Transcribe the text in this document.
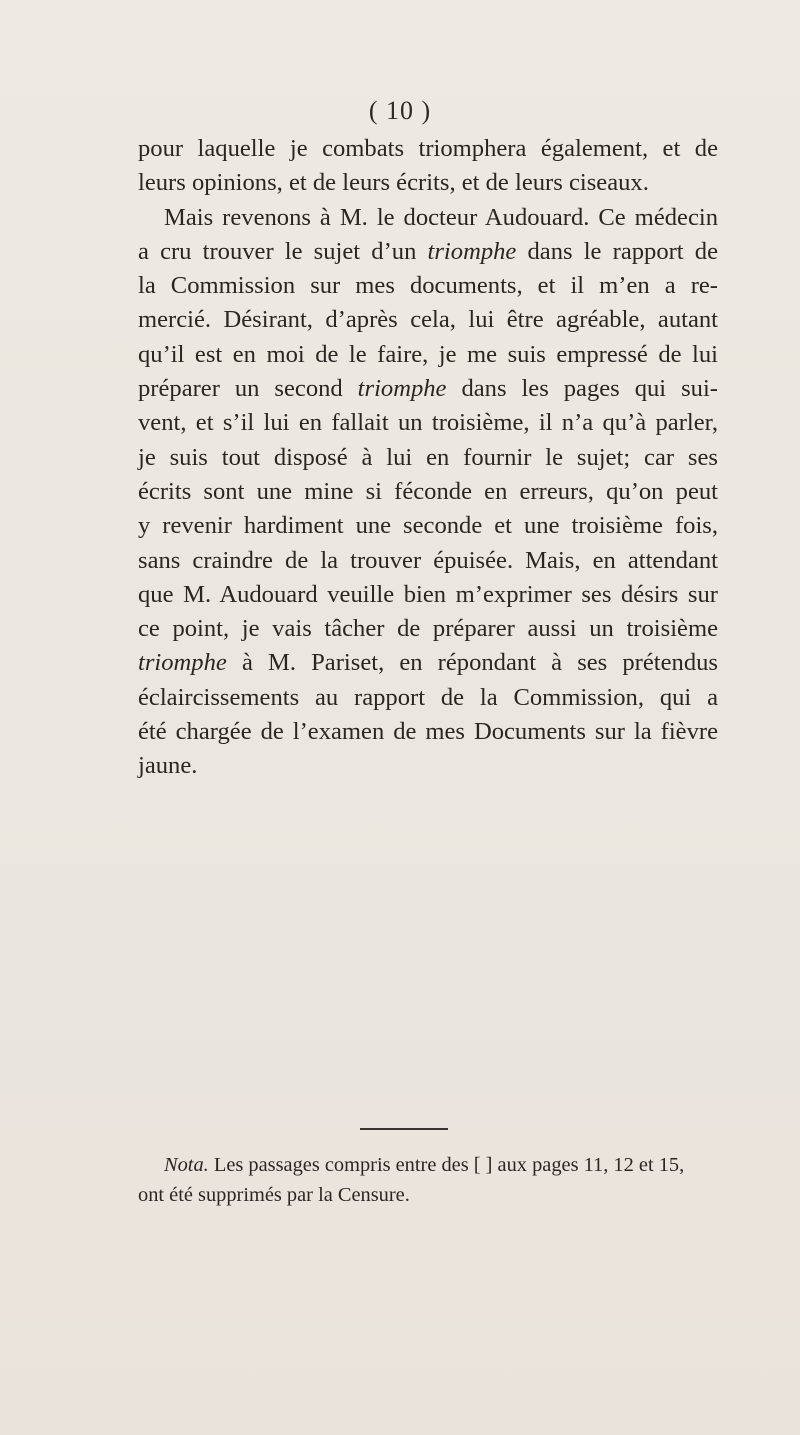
( 10 )
pour laquelle je combats triomphera également, et de
leurs opinions, et de leurs écrits, et de leurs ciseaux.
Mais revenons à M. le docteur Audouard. Ce médecin
a cru trouver le sujet d’un triomphe dans le rapport de
la Commission sur mes documents, et il m’en a re-
mercié. Désirant, d’après cela, lui être agréable, autant
qu’il est en moi de le faire, je me suis empressé de lui
préparer un second triomphe dans les pages qui sui-
vent, et s’il lui en fallait un troisième, il n’a qu’à parler,
je suis tout disposé à lui en fournir le sujet; car ses
écrits sont une mine si féconde en erreurs, qu’on peut
y revenir hardiment une seconde et une troisième fois,
sans craindre de la trouver épuisée. Mais, en attendant
que M. Audouard veuille bien m’exprimer ses désirs sur
ce point, je vais tâcher de préparer aussi un troisième
triomphe à M. Pariset, en répondant à ses prétendus
éclaircissements au rapport de la Commission, qui a
été chargée de l’examen de mes Documents sur la fièvre
jaune.
Nota. Les passages compris entre des [ ] aux pages 11, 12 et 15,
ont été supprimés par la Censure.
